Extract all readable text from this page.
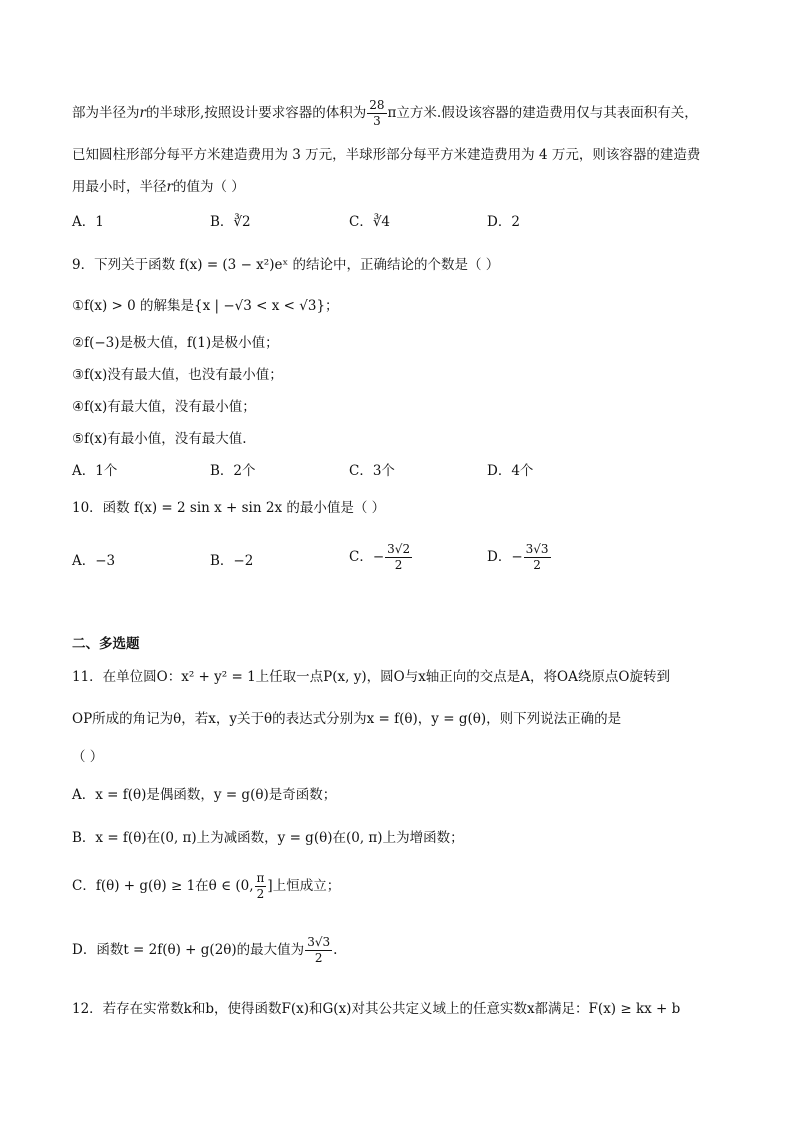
部为半径为r的半球形,按照设计要求容器的体积为 $\frac{28}{3}$ π立方米.假设该容器的建造费用仅与其表面积有关，
已知圆柱形部分每平方米建造费用为 3 万元，半球形部分每平方米建造费用为 4 万元，则该容器的建造费
用最小时，半径r的值为（ ）
A．1	B．∛2	C．∛4	D．2
9．下列关于函数 f(x) = (3 − x²)eˣ 的结论中，正确结论的个数是（ ）
①f(x) > 0 的解集是{x | −√3 < x < √3}；
②f(−3)是极大值，f(1)是极小值；
③f(x)没有最大值，也没有最小值；
④f(x)有最大值，没有最小值；
⑤f(x)有最小值，没有最大值.
A．1个	B．2个	C．3个	D．4个
10．函数 f(x) = 2 sin x + sin 2x 的最小值是（ ）
A．−3	B．−2	C．− $\frac{3√2}{2}$	D．− $\frac{3√3}{2}$
二、多选题
11．在单位圆O：x² + y² = 1上任取一点P(x, y)，圆O与x轴正向的交点是A，将OA绕原点O旋转到
OP所成的角记为θ，若x，y关于θ的表达式分别为x = f(θ)，y = g(θ)，则下列说法正确的是
（ ）
A．x = f(θ)是偶函数，y = g(θ)是奇函数；
B．x = f(θ)在(0, π)上为减函数，y = g(θ)在(0, π)上为增函数；
C．f(θ) + g(θ) ≥ 1在θ ∈ (0, $\frac{\pi}{2}$ ]上恒成立；
D．函数t = 2f(θ) + g(2θ)的最大值为 $\frac{3√3}{2}$ .
12．若存在实常数k和b，使得函数F(x)和G(x)对其公共定义域上的任意实数x都满足：F(x) ≥ kx + b
